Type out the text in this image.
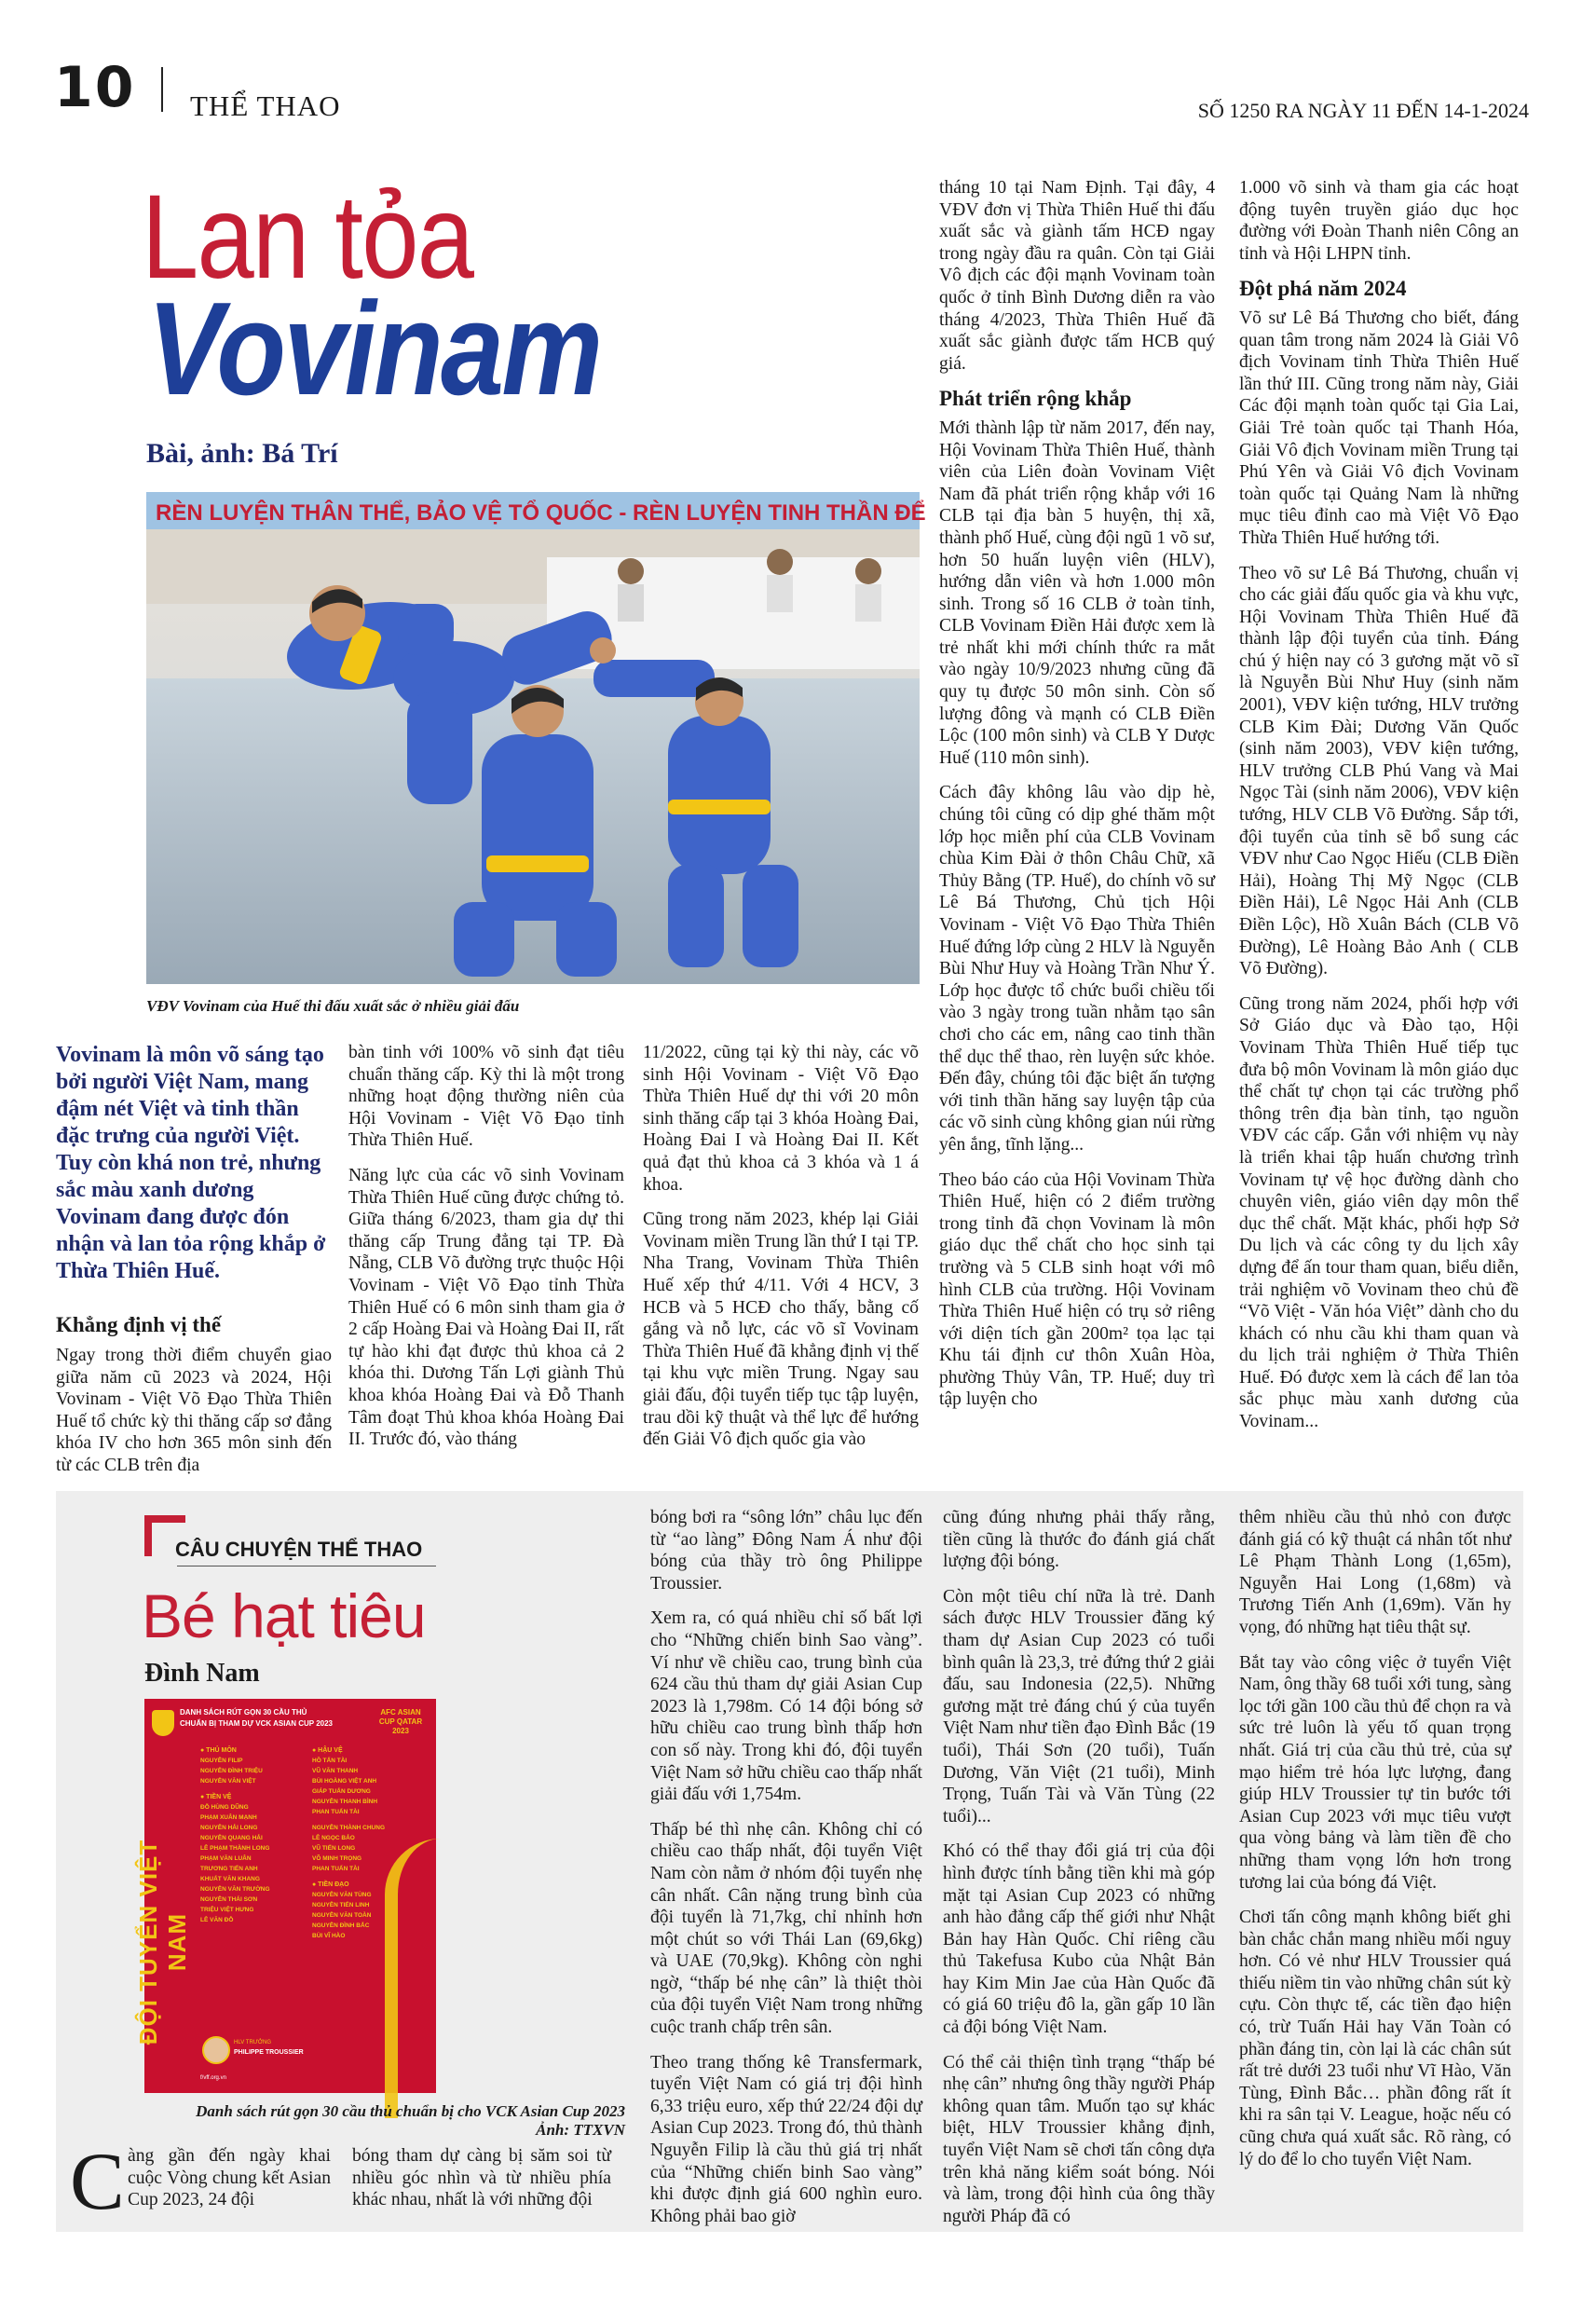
10 THỂ THAO	SỐ 1250 RA NGÀY 11 ĐẾN 14-1-2024
Lan tỏa
Vovinam
Bài, ảnh: Bá Trí
RÈN LUYỆN THÂN THỂ, BẢO VỆ TỔ QUỐC - RÈN LUYỆN TINH THẦN ĐỂ
VĐV Vovinam của Huế thi đấu xuất sắc ở nhiều giải đấu
Vovinam là môn võ sáng tạo bởi người Việt Nam, mang đậm nét Việt và tinh thần đặc trưng của người Việt. Tuy còn khá non trẻ, nhưng sắc màu xanh dương Vovinam đang được đón nhận và lan tỏa rộng khắp ở Thừa Thiên Huế.
Khẳng định vị thế

Ngay trong thời điểm chuyển giao giữa năm cũ 2023 và 2024, Hội Vovinam - Việt Võ Đạo Thừa Thiên Huế tổ chức kỳ thi thăng cấp sơ đẳng khóa IV cho hơn 365 môn sinh đến từ các CLB trên địa

bàn tinh với 100% võ sinh đạt tiêu chuẩn thăng cấp. Kỳ thi là một trong những hoạt động thường niên của Hội Vovinam - Việt Võ Đạo tỉnh Thừa Thiên Huế.

Năng lực của các võ sinh Vovinam Thừa Thiên Huế cũng được chứng tỏ. Giữa tháng 6/2023, tham gia dự thi thăng cấp Trung đẳng tại TP. Đà Nẵng, CLB Võ đường trực thuộc Hội Vovinam - Việt Võ Đạo tỉnh Thừa Thiên Huế có 6 môn sinh tham gia ở 2 cấp Hoàng Đai và Hoàng Đai II, rất tự hào khi đạt được thủ khoa cả 2 khóa thi. Dương Tấn Lợi giành Thủ khoa khóa Hoàng Đai và Đỗ Thanh Tâm đoạt Thủ khoa khóa Hoàng Đai II. Trước đó, vào tháng

11/2022, cũng tại kỳ thi này, các võ sinh Hội Vovinam - Việt Võ Đạo Thừa Thiên Huế dự thi với 20 môn sinh thăng cấp tại 3 khóa Hoàng Đai, Hoàng Đai I và Hoàng Đai II. Kết quả đạt thủ khoa cả 3 khóa và 1 á khoa.

Cũng trong năm 2023, khép lại Giải Vovinam miền Trung lần thứ I tại TP. Nha Trang, Vovinam Thừa Thiên Huế xếp thứ 4/11. Với 4 HCV, 3 HCB và 5 HCĐ cho thấy, bằng cố gắng và nỗ lực, các võ sĩ Vovinam Thừa Thiên Huế đã khẳng định vị thế tại khu vực miền Trung. Ngay sau giải đấu, đội tuyển tiếp tục tập luyện, trau dồi kỹ thuật và thể lực để hướng đến Giải Vô địch quốc gia vào

tháng 10 tại Nam Định. Tại đây, 4 VĐV đơn vị Thừa Thiên Huế thi đấu xuất sắc và giành tấm HCĐ ngay trong ngày đầu ra quân. Còn tại Giải Vô địch các đội mạnh Vovinam toàn quốc ở tỉnh Bình Dương diễn ra vào tháng 4/2023, Thừa Thiên Huế đã xuất sắc giành được tấm HCB quý giá.

Phát triển rộng khắp

Mới thành lập từ năm 2017, đến nay, Hội Vovinam Thừa Thiên Huế, thành viên của Liên đoàn Vovinam Việt Nam đã phát triển rộng khắp với 16 CLB tại địa bàn 5 huyện, thị xã, thành phố Huế, cùng đội ngũ 1 võ sư, hơn 50 huấn luyện viên (HLV), hướng dẫn viên và hơn 1.000 môn sinh. Trong số 16 CLB ở toàn tỉnh, CLB Vovinam Điền Hải được xem là trẻ nhất khi mới chính thức ra mắt vào ngày 10/9/2023 nhưng cũng đã quy tụ được 50 môn sinh. Còn số lượng đông và mạnh có CLB Điền Lộc (100 môn sinh) và CLB Y Dược Huế (110 môn sinh).

Cách đây không lâu vào dịp hè, chúng tôi cũng có dịp ghé thăm một lớp học miễn phí của CLB Vovinam chùa Kim Đài ở thôn Châu Chữ, xã Thủy Bằng (TP. Huế), do chính võ sư Lê Bá Thương, Chủ tịch Hội Vovinam - Việt Võ Đạo Thừa Thiên Huế đứng lớp cùng 2 HLV là Nguyễn Bùi Như Huy và Hoàng Trần Như Ý. Lớp học được tổ chức buổi chiều tối vào 3 ngày trong tuần nhằm tạo sân chơi cho các em, nâng cao tinh thần thể dục thể thao, rèn luyện sức khỏe. Đến đây, chúng tôi đặc biệt ấn tượng với tinh thần hăng say luyện tập của các võ sinh cùng không gian núi rừng yên ắng, tĩnh lặng...

Theo báo cáo của Hội Vovinam Thừa Thiên Huế, hiện có 2 điểm trường trong tỉnh đã chọn Vovinam là môn giáo dục thể chất cho học sinh tại trường và 5 CLB sinh hoạt với mô hình CLB của trường. Hội Vovinam Thừa Thiên Huế hiện có trụ sở riêng với diện tích gần 200m² tọa lạc tại Khu tái định cư thôn Xuân Hòa, phường Thủy Vân, TP. Huế; duy trì tập luyện cho

1.000 võ sinh và tham gia các hoạt động tuyên truyền giáo dục học đường với Đoàn Thanh niên Công an tỉnh và Hội LHPN tỉnh.

Đột phá năm 2024

Võ sư Lê Bá Thương cho biết, đáng quan tâm trong năm 2024 là Giải Vô địch Vovinam tỉnh Thừa Thiên Huế lần thứ III. Cũng trong năm này, Giải Các đội mạnh toàn quốc tại Gia Lai, Giải Trẻ toàn quốc tại Thanh Hóa, Giải Vô địch Vovinam miền Trung tại Phú Yên và Giải Vô địch Vovinam toàn quốc tại Quảng Nam là những mục tiêu đỉnh cao mà Việt Võ Đạo Thừa Thiên Huế hướng tới.

Theo võ sư Lê Bá Thương, chuẩn vị cho các giải đấu quốc gia và khu vực, Hội Vovinam Thừa Thiên Huế đã thành lập đội tuyển của tỉnh. Đáng chú ý hiện nay có 3 gương mặt võ sĩ là Nguyễn Bùi Như Huy (sinh năm 2001), VĐV kiện tướng, HLV trưởng CLB Kim Đài; Dương Văn Quốc (sinh năm 2003), VĐV kiện tướng, HLV trưởng CLB Phú Vang và Mai Ngọc Tài (sinh năm 2006), VĐV kiện tướng, HLV CLB Võ Đường. Sắp tới, đội tuyển của tỉnh sẽ bổ sung các VĐV như Cao Ngọc Hiếu (CLB Điền Hải), Hoàng Thị Mỹ Ngọc (CLB Điền Hải), Lê Ngọc Hải Anh (CLB Điền Lộc), Hồ Xuân Bách (CLB Võ Đường), Lê Hoàng Bảo Anh ( CLB Võ Đường).

Cũng trong năm 2024, phối hợp với Sở Giáo dục và Đào tạo, Hội Vovinam Thừa Thiên Huế tiếp tục đưa bộ môn Vovinam là môn giáo dục thể chất tự chọn tại các trường phổ thông trên địa bàn tỉnh, tạo nguồn VĐV các cấp. Gắn với nhiệm vụ này là triển khai tập huấn chương trình Vovinam tự vệ học đường dành cho chuyên viên, giáo viên dạy môn thể dục thể chất. Mặt khác, phối hợp Sở Du lịch và các công ty du lịch xây dựng để ấn tour tham quan, biểu diễn, trải nghiệm võ Vovinam theo chủ đề “Võ Việt - Văn hóa Việt” dành cho du khách có nhu cầu khi tham quan và du lịch trải nghiệm ở Thừa Thiên Huế. Đó được xem là cách để lan tỏa sắc phục màu xanh dương của Vovinam...

CÂU CHUYỆN THỂ THAO
Bé hạt tiêu
Đình Nam
DANH SÁCH RÚT GỌN 30 CẦU THỦ
CHUẨN BỊ THAM DỰ VCK ASIAN CUP 2023
AFC ASIAN CUP QATAR 2023
ĐỘI TUYỂN VIỆT NAM
● THỦ MÔN
NGUYỄN FILIP
NGUYỄN ĐÌNH TRIỆU
NGUYỄN VĂN VIỆT
● TIỀN VỆ
ĐỖ HÙNG DŨNG
PHẠM XUÂN MẠNH
NGUYỄN HẢI LONG
NGUYỄN QUANG HẢI
LÊ PHẠM THÀNH LONG
PHẠM VĂN LUÂN
TRƯƠNG TIẾN ANH
KHUẤT VĂN KHANG
NGUYỄN VĂN TRƯỜNG
NGUYỄN THÁI SƠN
TRIỆU VIỆT HƯNG
LÊ VĂN ĐỖ
● HẬU VỆ
HỒ TẤN TÀI
VŨ VĂN THANH
BÙI HOÀNG VIỆT ANH
GIÁP TUẤN DƯƠNG
NGUYỄN THANH BÌNH
PHAN TUẤN TÀI
NGUYỄN THÀNH CHUNG
LÊ NGỌC BẢO
VŨ TIẾN LONG
VÕ MINH TRỌNG
PHAN TUẤN TÀI
● TIỀN ĐẠO
NGUYỄN VĂN TÙNG
NGUYỄN TIẾN LINH
NGUYỄN VĂN TOÀN
NGUYỄN ĐÌNH BẮC
BÙI VĨ HÀO
HLV TRƯỞNG
PHILIPPE TROUSSIER
f/vff.org.vn
Danh sách rút gọn 30 cầu thủ chuẩn bị cho VCK Asian Cup 2023
Ảnh: TTXVN
C àng gần đến ngày khai cuộc Vòng chung kết Asian Cup 2023, 24 đội

bóng tham dự càng bị săm soi từ nhiều góc nhìn và từ nhiều phía khác nhau, nhất là với những đội

bóng bơi ra “sông lớn” châu lục đến từ “ao làng” Đông Nam Á như đội bóng của thầy trò ông Philippe Troussier.

Xem ra, có quá nhiều chỉ số bất lợi cho “Những chiến binh Sao vàng”. Ví như về chiều cao, trung bình của 624 cầu thủ tham dự giải Asian Cup 2023 là 1,798m. Có 14 đội bóng sở hữu chiều cao trung bình thấp hơn con số này. Trong khi đó, đội tuyển Việt Nam sở hữu chiều cao thấp nhất giải đấu với 1,754m.

Thấp bé thì nhẹ cân. Không chỉ có chiều cao thấp nhất, đội tuyển Việt Nam còn nằm ở nhóm đội tuyển nhẹ cân nhất. Cân nặng trung bình của đội tuyển là 71,7kg, chỉ nhỉnh hơn một chút so với Thái Lan (69,6kg) và UAE (70,9kg). Không còn nghi ngờ, “thấp bé nhẹ cân” là thiệt thòi của đội tuyển Việt Nam trong những cuộc tranh chấp trên sân.

Theo trang thống kê Transfermark, tuyển Việt Nam có giá trị đội hình 6,33 triệu euro, xếp thứ 22/24 đội dự Asian Cup 2023. Trong đó, thủ thành Nguyễn Filip là cầu thủ giá trị nhất của “Những chiến binh Sao vàng” khi được định giá 600 nghìn euro. Không phải bao giờ

cũng đúng nhưng phải thấy rằng, tiền cũng là thước đo đánh giá chất lượng đội bóng.

Còn một tiêu chí nữa là trẻ. Danh sách được HLV Troussier đăng ký tham dự Asian Cup 2023 có tuổi bình quân là 23,3, trẻ đứng thứ 2 giải đấu, sau Indonesia (22,5). Những gương mặt trẻ đáng chú ý của tuyển Việt Nam như tiền đạo Đình Bắc (19 tuổi), Thái Sơn (20 tuổi), Tuấn Dương, Văn Việt (21 tuổi), Minh Trọng, Tuấn Tài và Văn Tùng (22 tuổi)...

Khó có thể thay đổi giá trị của đội hình được tính bằng tiền khi mà góp mặt tại Asian Cup 2023 có những anh hào đẳng cấp thế giới như Nhật Bản hay Hàn Quốc. Chỉ riêng cầu thủ Takefusa Kubo của Nhật Bản hay Kim Min Jae của Hàn Quốc đã có giá 60 triệu đô la, gần gấp 10 lần cả đội bóng Việt Nam.

Có thể cải thiện tình trạng “thấp bé nhẹ cân” nhưng ông thầy người Pháp không quan tâm. Muốn tạo sự khác biệt, HLV Troussier khẳng định, tuyển Việt Nam sẽ chơi tấn công dựa trên khả năng kiểm soát bóng. Nói và làm, trong đội hình của ông thầy người Pháp đã có

thêm nhiều cầu thủ nhỏ con được đánh giá có kỹ thuật cá nhân tốt như Lê Phạm Thành Long (1,65m), Nguyễn Hai Long (1,68m) và Trương Tiến Anh (1,69m). Văn hy vọng, đó những hạt tiêu thật sự.

Bắt tay vào công việc ở tuyển Việt Nam, ông thầy 68 tuổi xới tung, sàng lọc tới gần 100 cầu thủ để chọn ra và sức trẻ luôn là yếu tố quan trọng nhất. Giá trị của cầu thủ trẻ, của sự mạo hiểm trẻ hóa lực lượng, đang giúp HLV Troussier tự tin bước tới Asian Cup 2023 với mục tiêu vượt qua vòng bảng và làm tiền đề cho những tham vọng lớn hơn trong tương lai của bóng đá Việt.

Chơi tấn công mạnh không biết ghi bàn chắc chắn mang nhiều mối nguy hơn. Có vẻ như HLV Troussier quá thiếu niềm tin vào những chân sút kỳ cựu. Còn thực tế, các tiền đạo hiện có, trừ Tuấn Hải hay Văn Toàn có phần đáng tin, còn lại là các chân sút rất trẻ dưới 23 tuổi như Vĩ Hào, Văn Tùng, Đình Bắc… phần đông rất ít khi ra sân tại V. League, hoặc nếu có cũng chưa quá xuất sắc. Rõ ràng, có lý do để lo cho tuyển Việt Nam.
